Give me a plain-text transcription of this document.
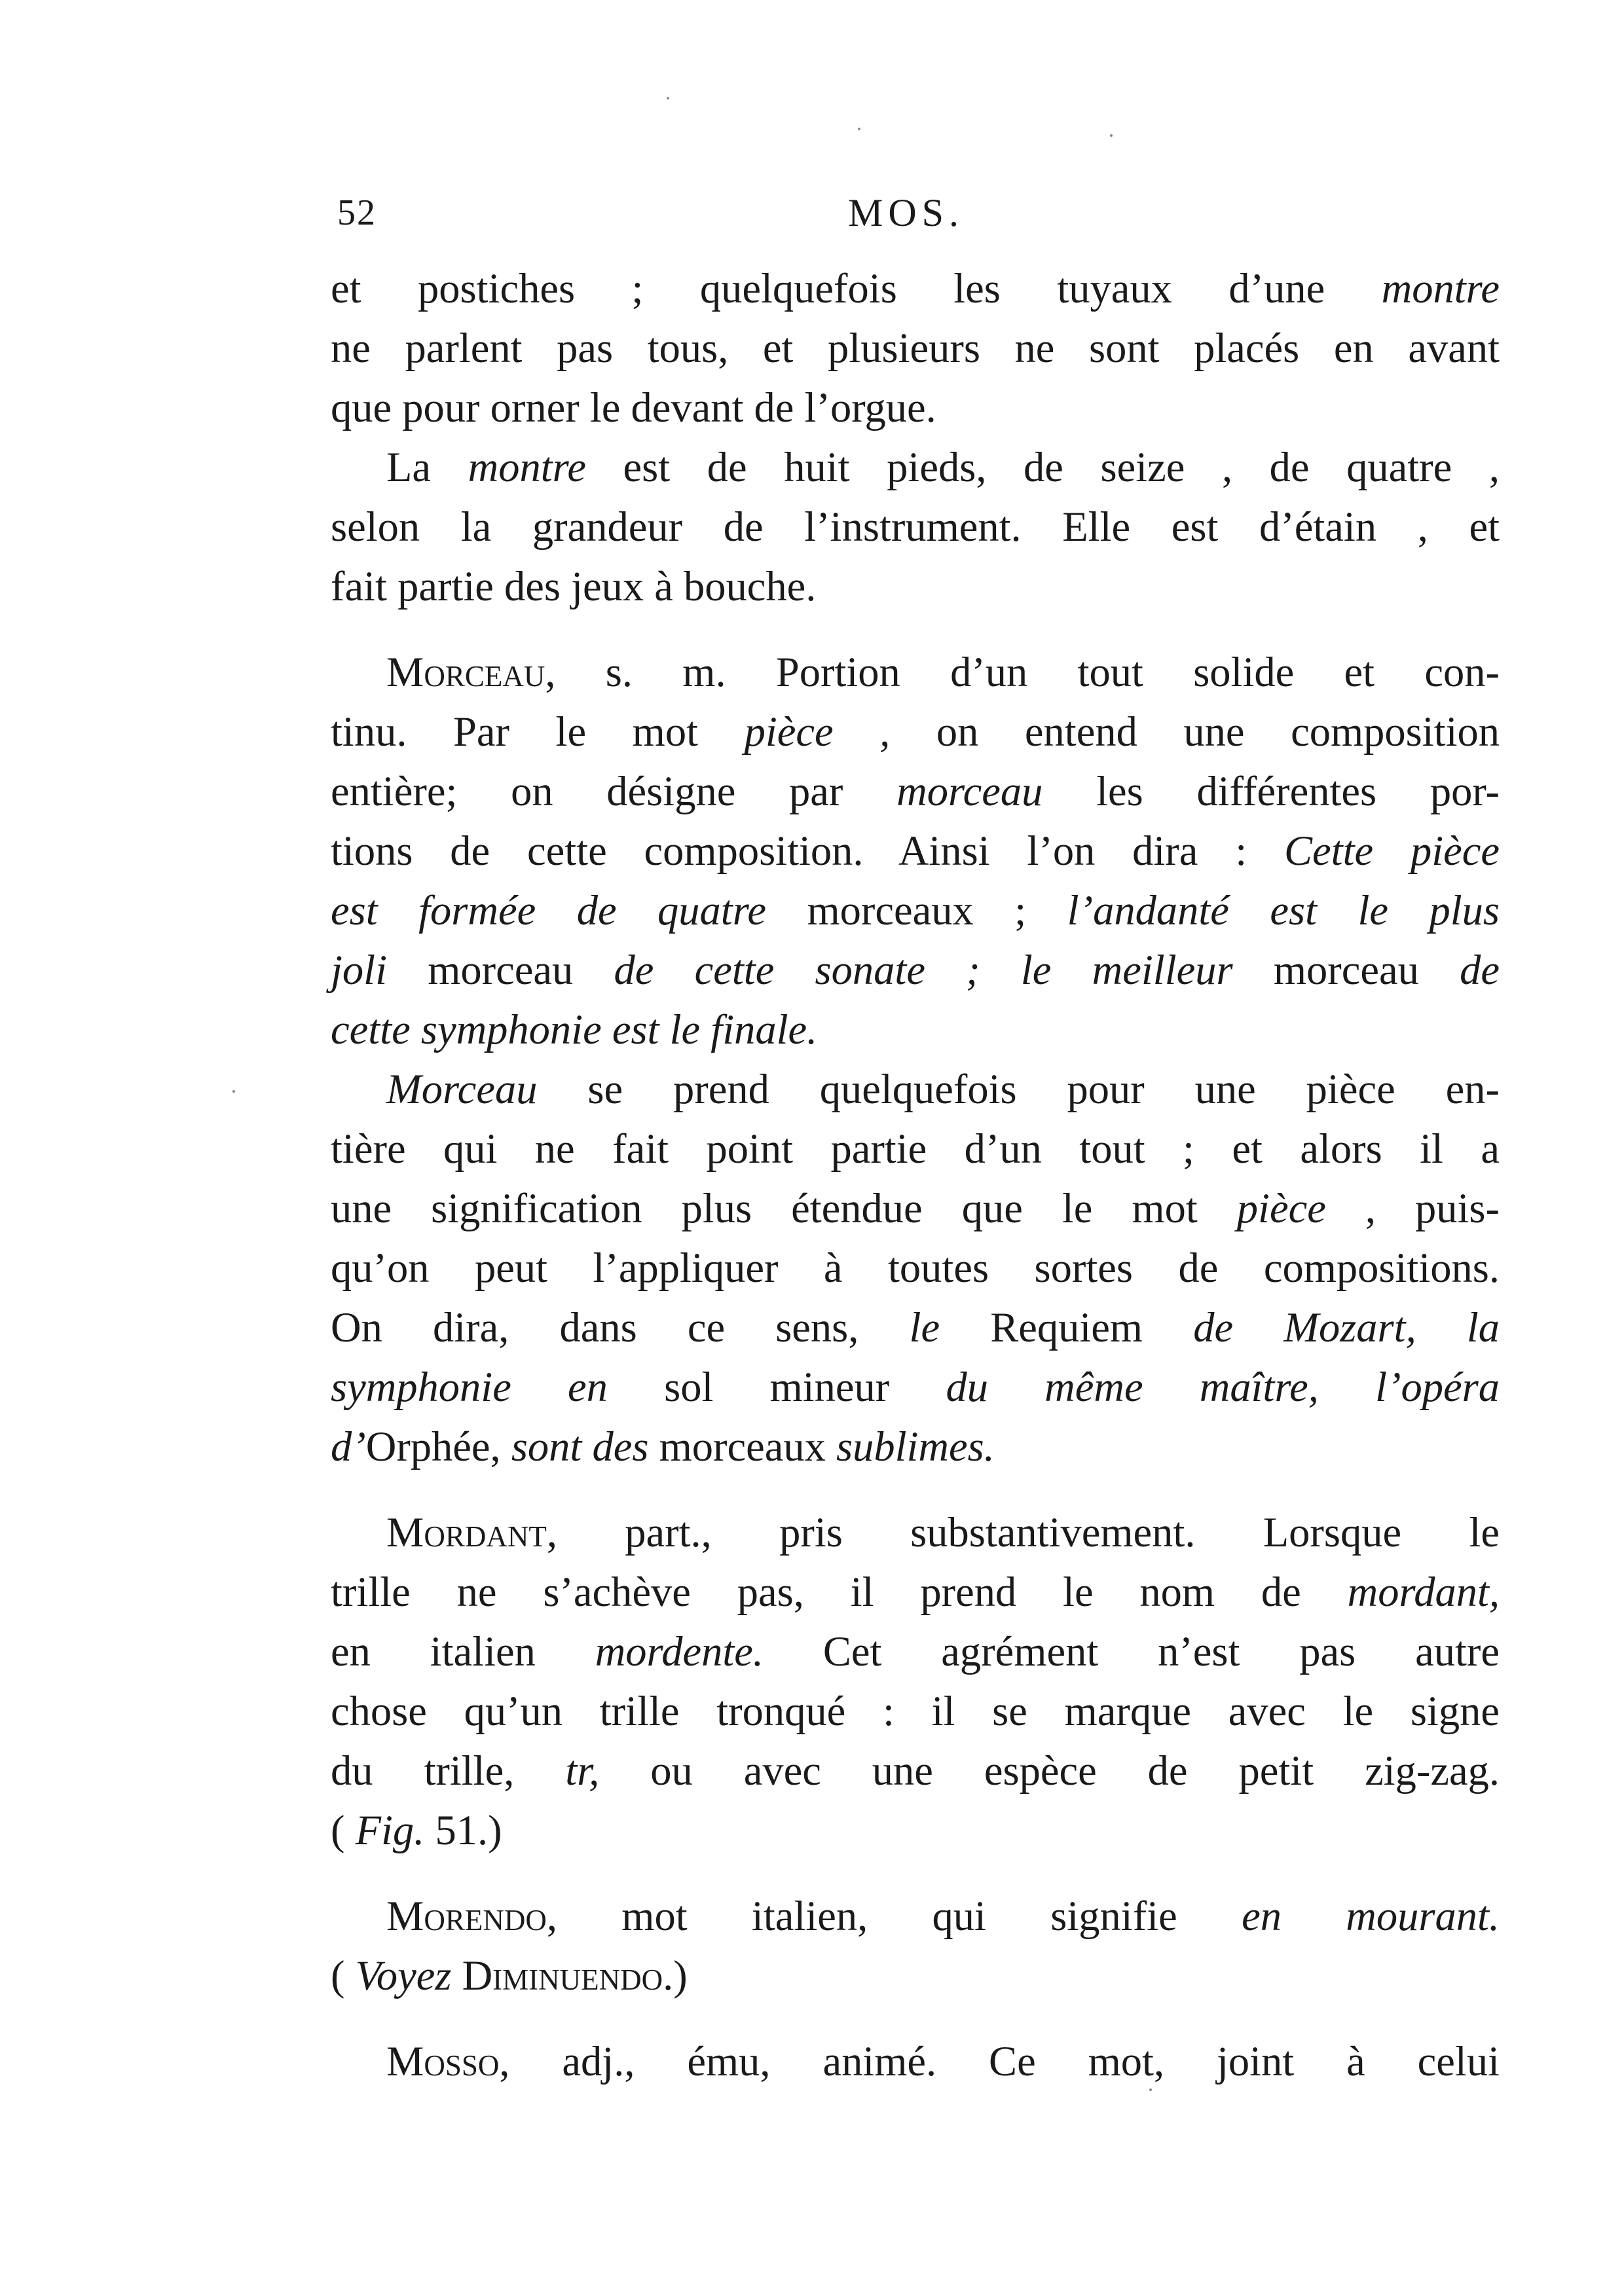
52	MOS.
et postiches ; quelquefois les tuyaux d’une montre
ne parlent pas tous, et plusieurs ne sont placés en avant
que pour orner le devant de l’orgue.
La montre est de huit pieds, de seize , de quatre ,
selon la grandeur de l’instrument. Elle est d’étain , et
fait partie des jeux à bouche.
Morceau, s. m. Portion d’un tout solide et con-
tinu. Par le mot pièce , on entend une composition
entière; on désigne par morceau les différentes por-
tions de cette composition. Ainsi l’on dira : Cette pièce
est formée de quatre morceaux ; l’andanté est le plus
joli morceau de cette sonate ; le meilleur morceau de
cette symphonie est le finale.
Morceau se prend quelquefois pour une pièce en-
tière qui ne fait point partie d’un tout ; et alors il a
une signification plus étendue que le mot pièce , puis-
qu’on peut l’appliquer à toutes sortes de compositions.
On dira, dans ce sens, le Requiem de Mozart, la
symphonie en sol mineur du même maître, l’opéra
d’Orphée, sont des morceaux sublimes.
Mordant, part., pris substantivement. Lorsque le
trille ne s’achève pas, il prend le nom de mordant,
en italien mordente. Cet agrément n’est pas autre
chose qu’un trille tronqué : il se marque avec le signe
du trille, tr, ou avec une espèce de petit zig-zag.
( Fig. 51.)
Morendo, mot italien, qui signifie en mourant.
( Voyez Diminuendo.)
Mosso, adj., ému, animé. Ce mot, joint à celui
